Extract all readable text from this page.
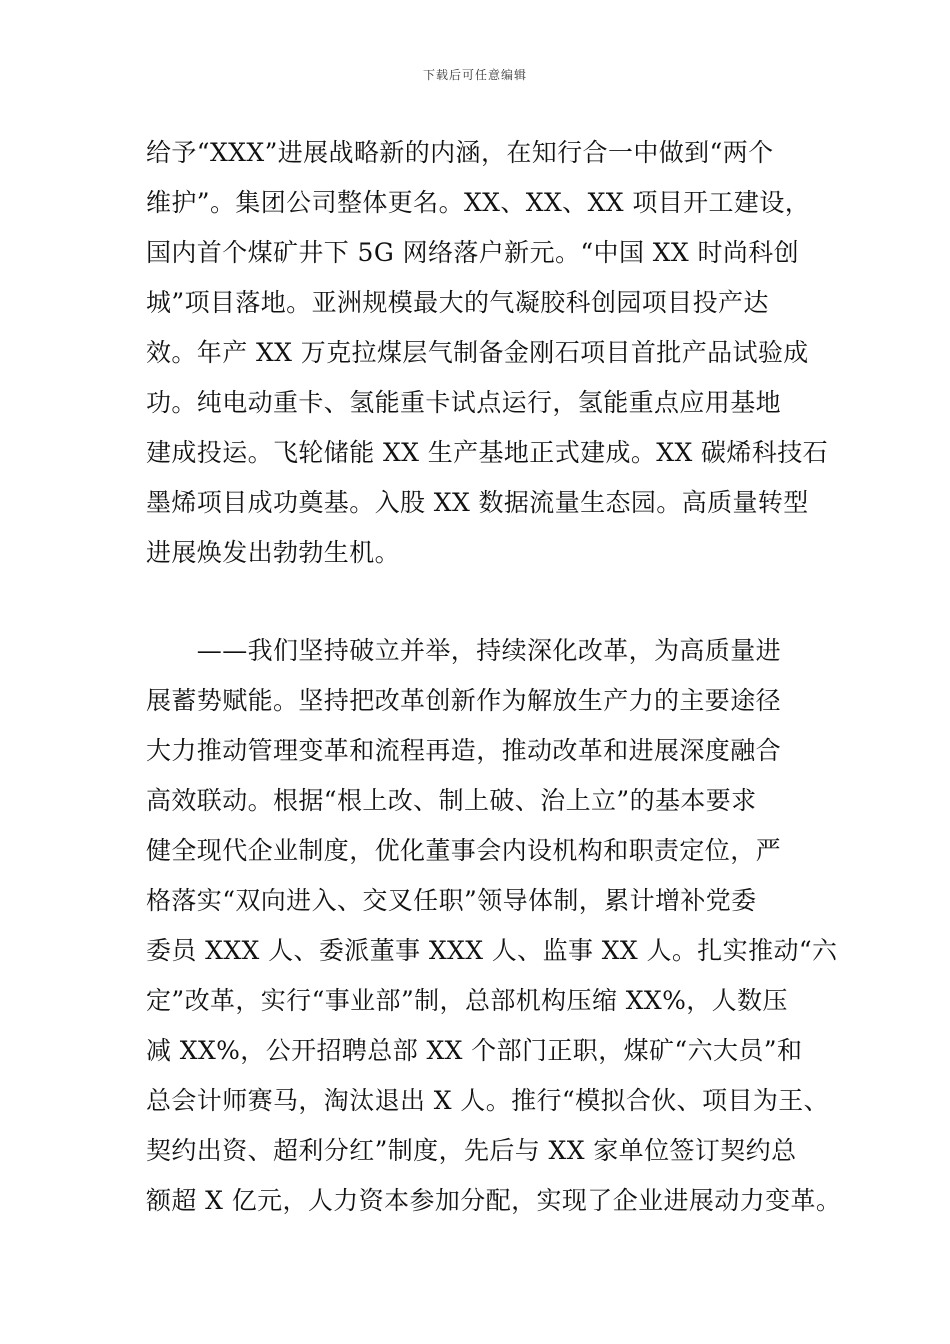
下载后可任意编辑
给予“XXX”进展战略新的内涵，在知行合一中做到“两个
维护”。集团公司整体更名。XX、XX、XX 项目开工建设，
国内首个煤矿井下 5G 网络落户新元。“中国 XX 时尚科创
城”项目落地。亚洲规模最大的气凝胶科创园项目投产达
效。年产 XX 万克拉煤层气制备金刚石项目首批产品试验成
功。纯电动重卡、氢能重卡试点运行，氢能重点应用基地
建成投运。飞轮储能 XX 生产基地正式建成。XX 碳烯科技石
墨烯项目成功奠基。入股 XX 数据流量生态园。高质量转型
进展焕发出勃勃生机。
　　——我们坚持破立并举，持续深化改革，为高质量进
展蓄势赋能。坚持把改革创新作为解放生产力的主要途径
大力推动管理变革和流程再造，推动改革和进展深度融合
高效联动。根据“根上改、制上破、治上立”的基本要求
健全现代企业制度，优化董事会内设机构和职责定位，严
格落实“双向进入、交叉任职”领导体制，累计增补党委
委员 XXX 人、委派董事 XXX 人、监事 XX 人。扎实推动“六
定”改革，实行“事业部”制，总部机构压缩 XX%，人数压
减 XX%，公开招聘总部 XX 个部门正职，煤矿“六大员”和
总会计师赛马，淘汰退出 X 人。推行“模拟合伙、项目为王、
契约出资、超利分红”制度，先后与 XX 家单位签订契约总
额超 X 亿元，人力资本参加分配，实现了企业进展动力变革。
